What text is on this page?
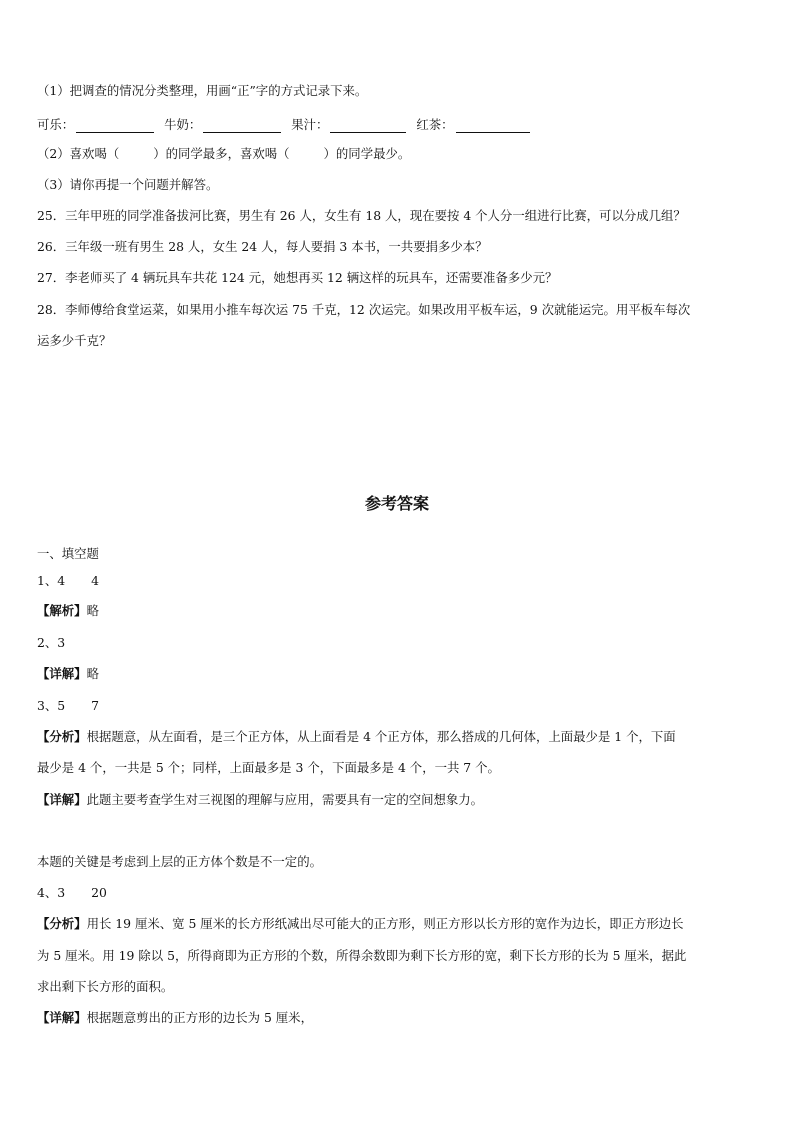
（1）把调查的情况分类整理，用画“正”字的方式记录下来。
可乐：	牛奶：	果汁：	红茶：
（2）喜欢喝（	）的同学最多，喜欢喝（	）的同学最少。
（3）请你再提一个问题并解答。
25．三年甲班的同学准备拔河比赛，男生有 26 人，女生有 18 人，现在要按 4 个人分一组进行比赛，可以分成几组？
26．三年级一班有男生 28 人，女生 24 人，每人要捐 3 本书，一共要捐多少本？
27．李老师买了 4 辆玩具车共花 124 元，她想再买 12 辆这样的玩具车，还需要准备多少元？
28．李师傅给食堂运菜，如果用小推车每次运 75 千克，12 次运完。如果改用平板车运，9 次就能运完。用平板车每次
运多少千克？
参考答案
一、填空题
1、4 4
【解析】略
2、3
【详解】略
3、5 7
【分析】根据题意，从左面看，是三个正方体，从上面看是 4 个正方体，那么搭成的几何体，上面最少是 1 个，下面
最少是 4 个，一共是 5 个；同样，上面最多是 3 个，下面最多是 4 个，一共 7 个。
【详解】此题主要考查学生对三视图的理解与应用，需要具有一定的空间想象力。
本题的关键是考虑到上层的正方体个数是不一定的。
4、3 20
【分析】用长 19 厘米、宽 5 厘米的长方形纸减出尽可能大的正方形，则正方形以长方形的宽作为边长，即正方形边长
为 5 厘米。用 19 除以 5，所得商即为正方形的个数，所得余数即为剩下长方形的宽，剩下长方形的长为 5 厘米，据此
求出剩下长方形的面积。
【详解】根据题意剪出的正方形的边长为 5 厘米，
